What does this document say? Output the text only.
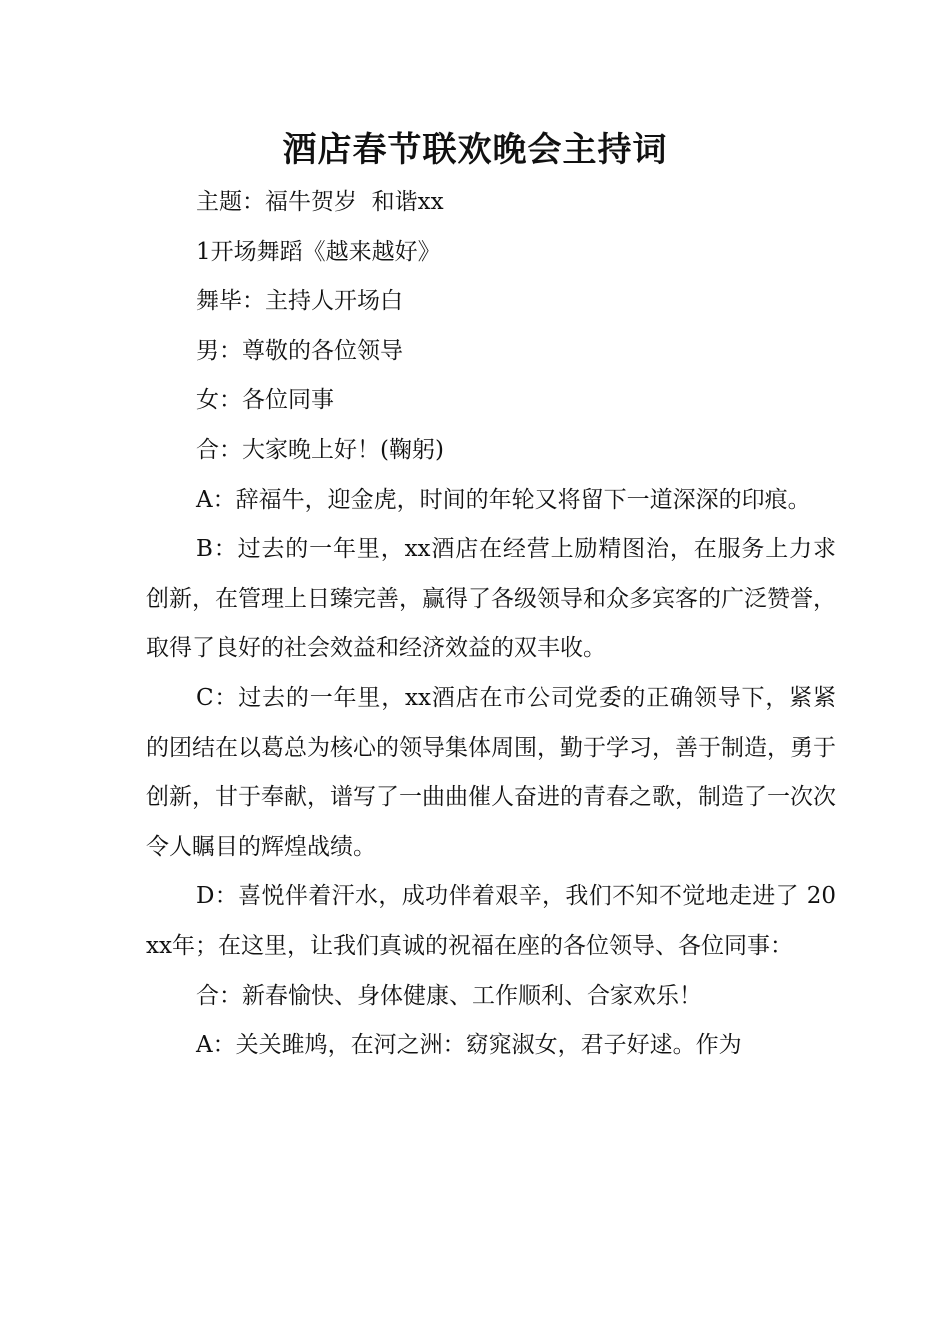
酒店春节联欢晚会主持词

主题：福牛贺岁  和谐xx

1开场舞蹈《越来越好》

舞毕：主持人开场白

男：尊敬的各位领导

女：各位同事

合：大家晚上好！(鞠躬)

A：辞福牛，迎金虎，时间的年轮又将留下一道深深的印痕。

B：过去的一年里，xx酒店在经营上励精图治，在服务上力求创新，在管理上日臻完善，赢得了各级领导和众多宾客的广泛赞誉，取得了良好的社会效益和经济效益的双丰收。

C：过去的一年里，xx酒店在市公司党委的正确领导下，紧紧的团结在以葛总为核心的领导集体周围，勤于学习，善于制造，勇于创新，甘于奉献，谱写了一曲曲催人奋进的青春之歌，制造了一次次令人瞩目的辉煌战绩。

D：喜悦伴着汗水，成功伴着艰辛，我们不知不觉地走进了 20xx年；在这里，让我们真诚的祝福在座的各位领导、各位同事：

合：新春愉快、身体健康、工作顺利、合家欢乐！

A：关关雎鸠，在河之洲：窈窕淑女，君子好逑。作为
